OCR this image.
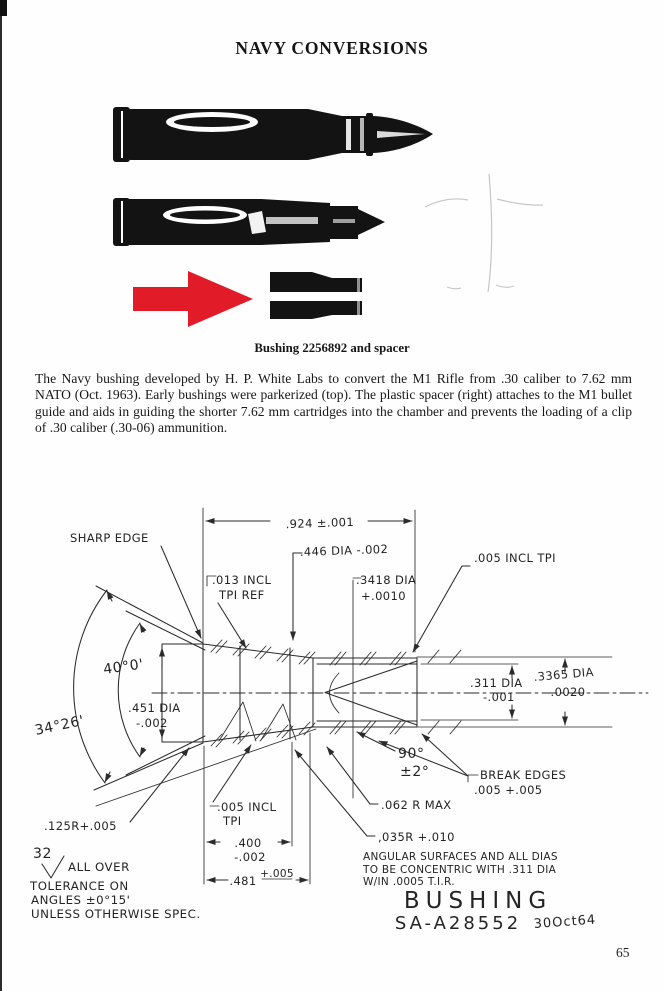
NAVY CONVERSIONS
Bushing 2256892 and spacer

The Navy bushing developed by H. P. White Labs to convert the M1 Rifle from .30 caliber to 7.62 mm NATO (Oct. 1963). Early bushings were parkerized (top). The plastic spacer (right) attaches to the M1 bullet guide and aids in guiding the shorter 7.62 mm cartridges into the chamber and prevents the loading of a clip of .30 caliber (.30-06) ammunition.

SHARP EDGE
.924 ±.001
.446 DIA -.002
.013 INCL
TPI REF
.3418 DIA
+.0010
.005 INCL TPI
40°0'
.451 DIA
-.002
34°26'
.311 DIA
-.001
.3365 DIA
-.0020
90°
±2°	BREAK EDGES
.005 +.005
.125R+.005
.005 INCL
TPI
.062 R MAX
,035R +.010
32
ALL OVER
TOLERANCE ON
ANGLES ±0°15'
UNLESS OTHERWISE SPEC.
.400
-.002
.481 +.005
ANGULAR SURFACES AND ALL DIAS
TO BE CONCENTRIC WITH .311 DIA
W/IN .0005 T.I.R.
BUSHING
SA-A28552 30Oct64
65
